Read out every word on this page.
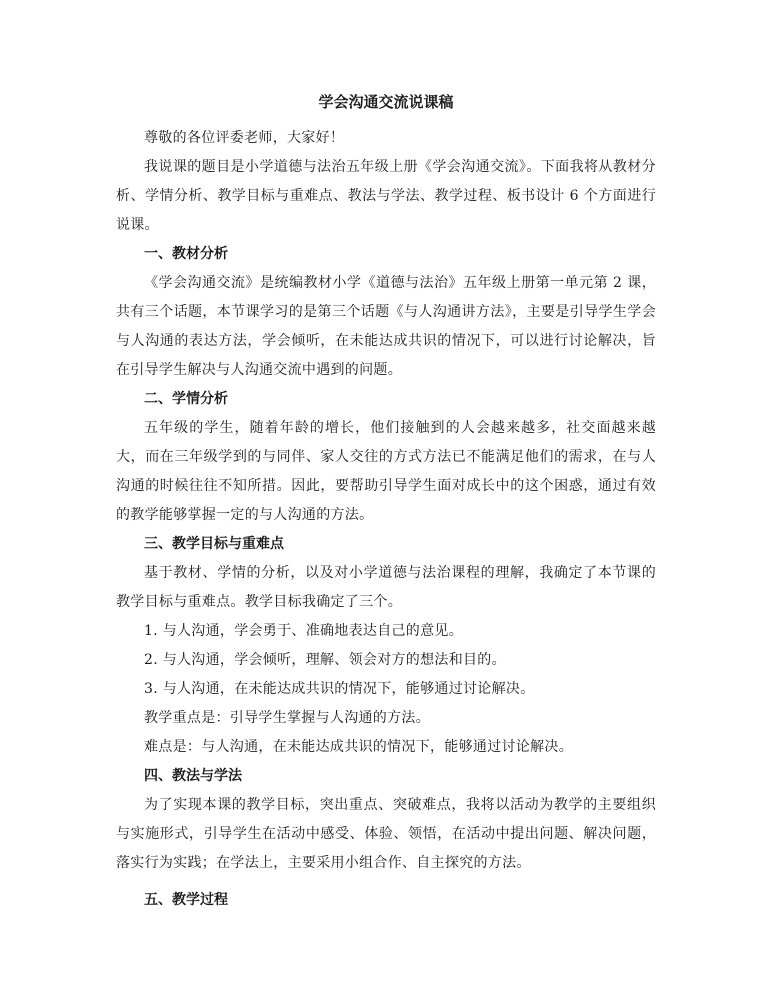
学会沟通交流说课稿

尊敬的各位评委老师，大家好！

我说课的题目是小学道德与法治五年级上册《学会沟通交流》。下面我将从教材分析、学情分析、教学目标与重难点、教法与学法、教学过程、板书设计 6 个方面进行说课。

一、教材分析

《学会沟通交流》是统编教材小学《道德与法治》五年级上册第一单元第 2 课，共有三个话题，本节课学习的是第三个话题《与人沟通讲方法》，主要是引导学生学会与人沟通的表达方法，学会倾听，在未能达成共识的情况下，可以进行讨论解决，旨在引导学生解决与人沟通交流中遇到的问题。

二、学情分析

五年级的学生，随着年龄的增长，他们接触到的人会越来越多，社交面越来越大，而在三年级学到的与同伴、家人交往的方式方法已不能满足他们的需求，在与人沟通的时候往往不知所措。因此，要帮助引导学生面对成长中的这个困惑，通过有效的教学能够掌握一定的与人沟通的方法。

三、教学目标与重难点

基于教材、学情的分析，以及对小学道德与法治课程的理解，我确定了本节课的教学目标与重难点。教学目标我确定了三个。

1. 与人沟通，学会勇于、准确地表达自己的意见。

2. 与人沟通，学会倾听，理解、领会对方的想法和目的。

3. 与人沟通，在未能达成共识的情况下，能够通过讨论解决。

教学重点是：引导学生掌握与人沟通的方法。

难点是：与人沟通，在未能达成共识的情况下，能够通过讨论解决。

四、教法与学法

为了实现本课的教学目标，突出重点、突破难点，我将以活动为教学的主要组织与实施形式，引导学生在活动中感受、体验、领悟，在活动中提出问题、解决问题，落实行为实践；在学法上，主要采用小组合作、自主探究的方法。

五、教学过程
